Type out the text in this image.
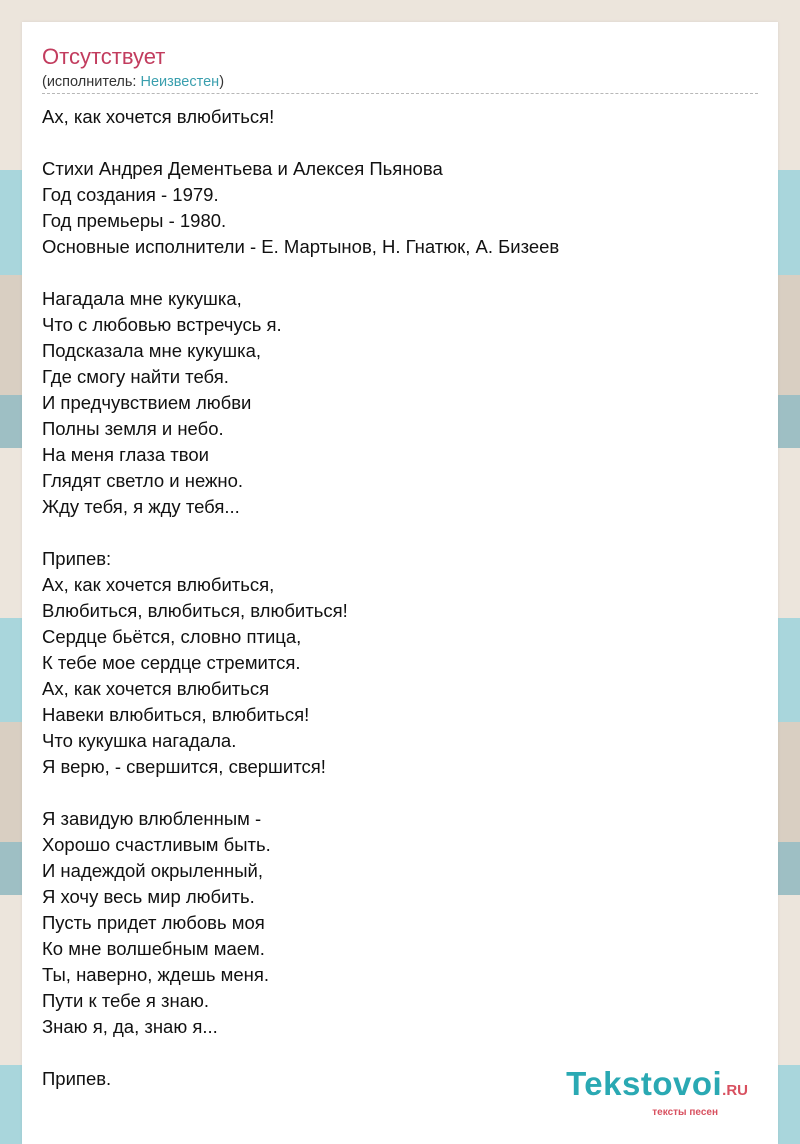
Отсутствует
(исполнитель: Неизвестен)
Ах, как хочется влюбиться!

Стихи Андрея Дементьева и Алексея Пьянова
Год создания - 1979.
Год премьеры - 1980.
Основные исполнители - Е. Мартынов, Н. Гнатюк, А. Бизеев

Нагадала мне кукушка,
Что с любовью встречусь я.
Подсказала мне кукушка,
Где смогу найти тебя.
И предчувствием любви
Полны земля и небо.
На меня глаза твои
Глядят светло и нежно.
Жду тебя, я жду тебя...

Припев:
Ах, как хочется влюбиться,
Влюбиться, влюбиться, влюбиться!
Сердце бьётся, словно птица,
К тебе мое сердце стремится.
Ах, как хочется влюбиться
Навеки влюбиться, влюбиться!
Что кукушка нагадала.
Я верю, - свершится, свершится!

Я завидую влюбленным -
Хорошо счастливым быть.
И надеждой окрыленный,
Я хочу весь мир любить.
Пусть придет любовь моя
Ко мне волшебным маем.
Ты, наверно, ждешь меня.
Пути к тебе я знаю.
Знаю я, да, знаю я...

Припев.	Tekstovoi.RU
тексты песен
